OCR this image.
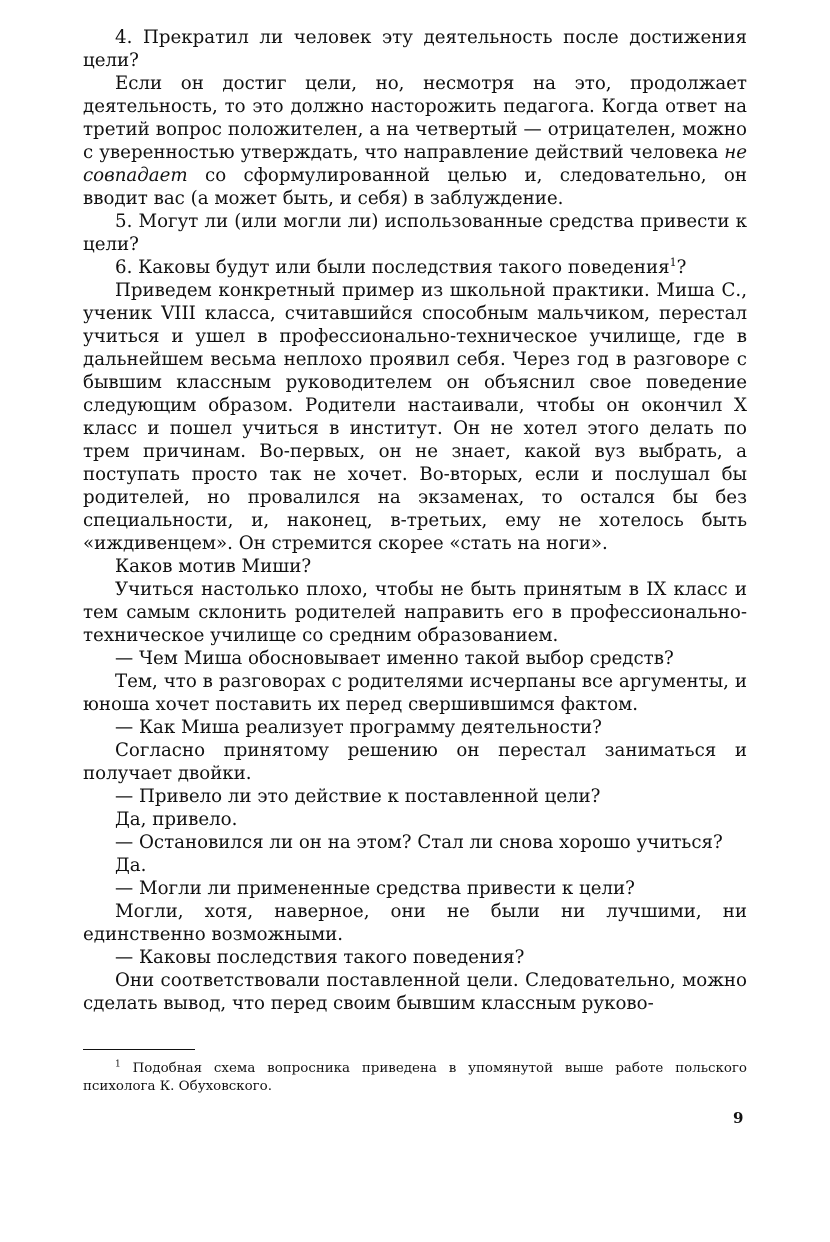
4. Прекратил ли человек эту деятельность после достижения цели?

Если он достиг цели, но, несмотря на это, продолжает деятельность, то это должно насторожить педагога. Когда ответ на третий вопрос положителен, а на четвертый — отрицателен, можно с уверенностью утверждать, что направление действий человека не совпадает со сформулированной целью и, следовательно, он вводит вас (а может быть, и себя) в заблуждение.

5. Могут ли (или могли ли) использованные средства привести к цели?

6. Каковы будут или были последствия такого поведения$^1$?

Приведем конкретный пример из школьной практики. Миша С., ученик VIII класса, считавшийся способным мальчиком, перестал учиться и ушел в профессионально-техническое училище, где в дальнейшем весьма неплохо проявил себя. Через год в разговоре с бывшим классным руководителем он объяснил свое поведение следующим образом. Родители настаивали, чтобы он окончил X класс и пошел учиться в институт. Он не хотел этого делать по трем причинам. Во-первых, он не знает, какой вуз выбрать, а поступать просто так не хочет. Во-вторых, если и послушал бы родителей, но провалился на экзаменах, то остался бы без специальности, и, наконец, в-третьих, ему не хотелось быть «иждивенцем». Он стремится скорее «стать на ноги».

Каков мотив Миши?

Учиться настолько плохо, чтобы не быть принятым в IX класс и тем самым склонить родителей направить его в профессионально-техническое училище со средним образованием.

— Чем Миша обосновывает именно такой выбор средств?

Тем, что в разговорах с родителями исчерпаны все аргументы, и юноша хочет поставить их перед свершившимся фактом.

— Как Миша реализует программу деятельности?

Согласно принятому решению он перестал заниматься и получает двойки.

— Привело ли это действие к поставленной цели?

Да, привело.

— Остановился ли он на этом? Стал ли снова хорошо учиться?

Да.

— Могли ли примененные средства привести к цели?

Могли, хотя, наверное, они не были ни лучшими, ни единственно возможными.

— Каковы последствия такого поведения?

Они соответствовали поставленной цели. Следовательно, можно сделать вывод, что перед своим бывшим классным руково-

$^1$ Подобная схема вопросника приведена в упомянутой выше работе польского психолога К. Обуховского.
9
